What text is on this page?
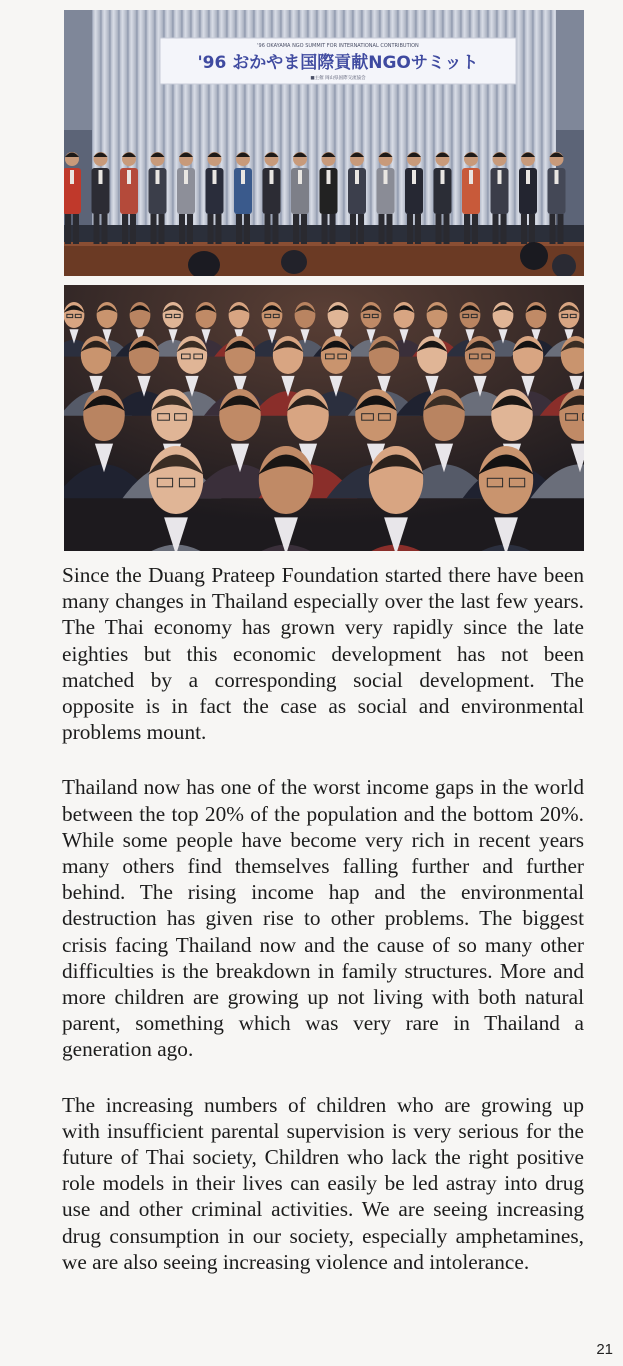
'96 OKAYAMA NGO SUMMIT FOR INTERNATIONAL CONTRIBUTION
'96 おかやま国際貢献NGOサミット
■主催 岡山県国際交流協会

Since the Duang Prateep Foundation started there have been many changes in Thailand especially over the last few years. The Thai economy has grown very rapidly since the late eighties but this economic development has not been matched by a corresponding social development. The opposite is in fact the case as social and environmental problems mount.

Thailand now has one of the worst income gaps in the world between the top 20% of the population and the bottom 20%. While some people have become very rich in recent years many others find themselves falling further and further behind. The rising income hap and the environmental destruction has given rise to other problems. The biggest crisis facing Thailand now and the cause of so many other difficulties is the breakdown in family structures. More and more children are growing up not living with both natural parent, something which was very rare in Thailand a generation ago.

The increasing numbers of children who are growing up with insufficient parental supervision is very serious for the future of Thai society, Children who lack the right positive role models in their lives can easily be led astray into drug use and other criminal activities. We are seeing increasing drug consumption in our society, especially amphetamines, we are also seeing increasing violence and intolerance.

21
